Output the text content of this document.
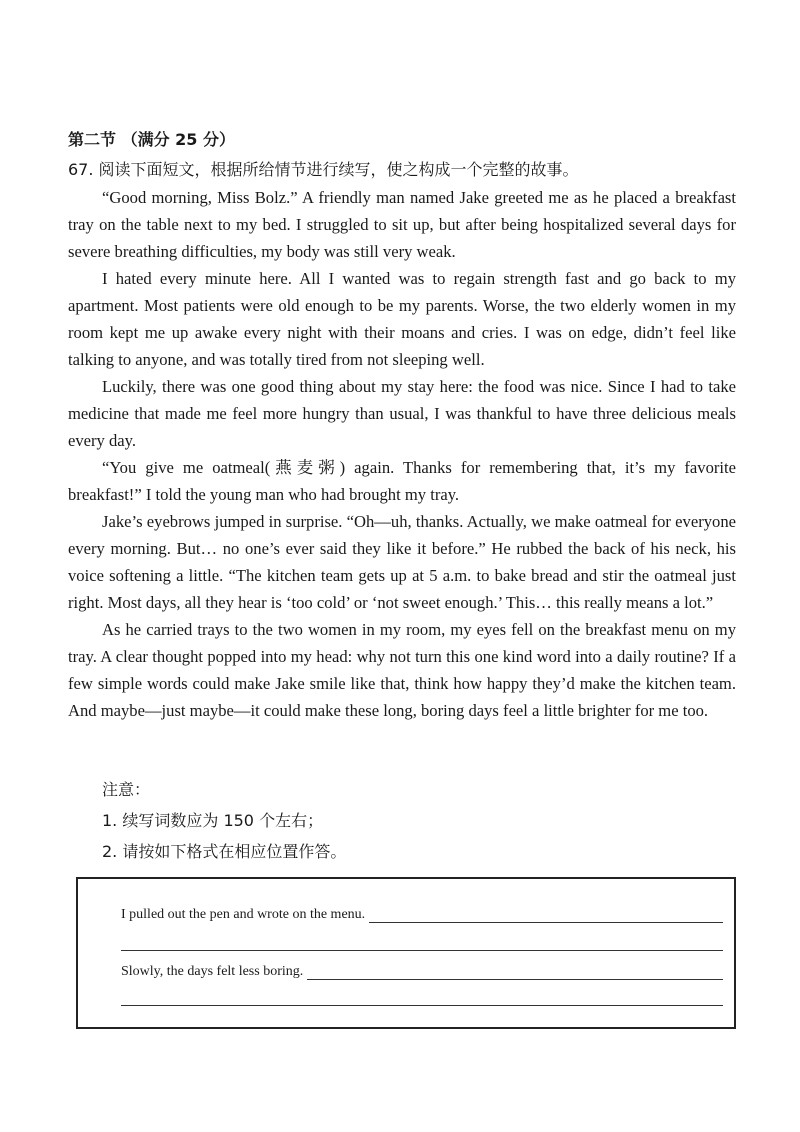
第二节 （满分 25 分）
67. 阅读下面短文，根据所给情节进行续写，使之构成一个完整的故事。

“Good morning, Miss Bolz.” A friendly man named Jake greeted me as he placed a breakfast tray on the table next to my bed. I struggled to sit up, but after being hospitalized several days for severe breathing difficulties, my body was still very weak.

I hated every minute here. All I wanted was to regain strength fast and go back to my apartment. Most patients were old enough to be my parents. Worse, the two elderly women in my room kept me up awake every night with their moans and cries. I was on edge, didn’t feel like talking to anyone, and was totally tired from not sleeping well.

Luckily, there was one good thing about my stay here: the food was nice. Since I had to take medicine that made me feel more hungry than usual, I was thankful to have three delicious meals every day.

“You give me oatmeal(燕麦粥) again. Thanks for remembering that, it’s my favorite breakfast!” I told the young man who had brought my tray.

Jake’s eyebrows jumped in surprise. “Oh—uh, thanks. Actually, we make oatmeal for everyone every morning. But… no one’s ever said they like it before.” He rubbed the back of his neck, his voice softening a little. “The kitchen team gets up at 5 a.m. to bake bread and stir the oatmeal just right. Most days, all they hear is ‘too cold’ or ‘not sweet enough.’ This… this really means a lot.”

As he carried trays to the two women in my room, my eyes fell on the breakfast menu on my tray. A clear thought popped into my head: why not turn this one kind word into a daily routine? If a few simple words could make Jake smile like that, think how happy they’d make the kitchen team. And maybe—just maybe—it could make these long, boring days feel a little brighter for me too.

注意：
1. 续写词数应为 150 个左右；
2. 请按如下格式在相应位置作答。
I pulled out the pen and wrote on the menu.
Slowly, the days felt less boring.
